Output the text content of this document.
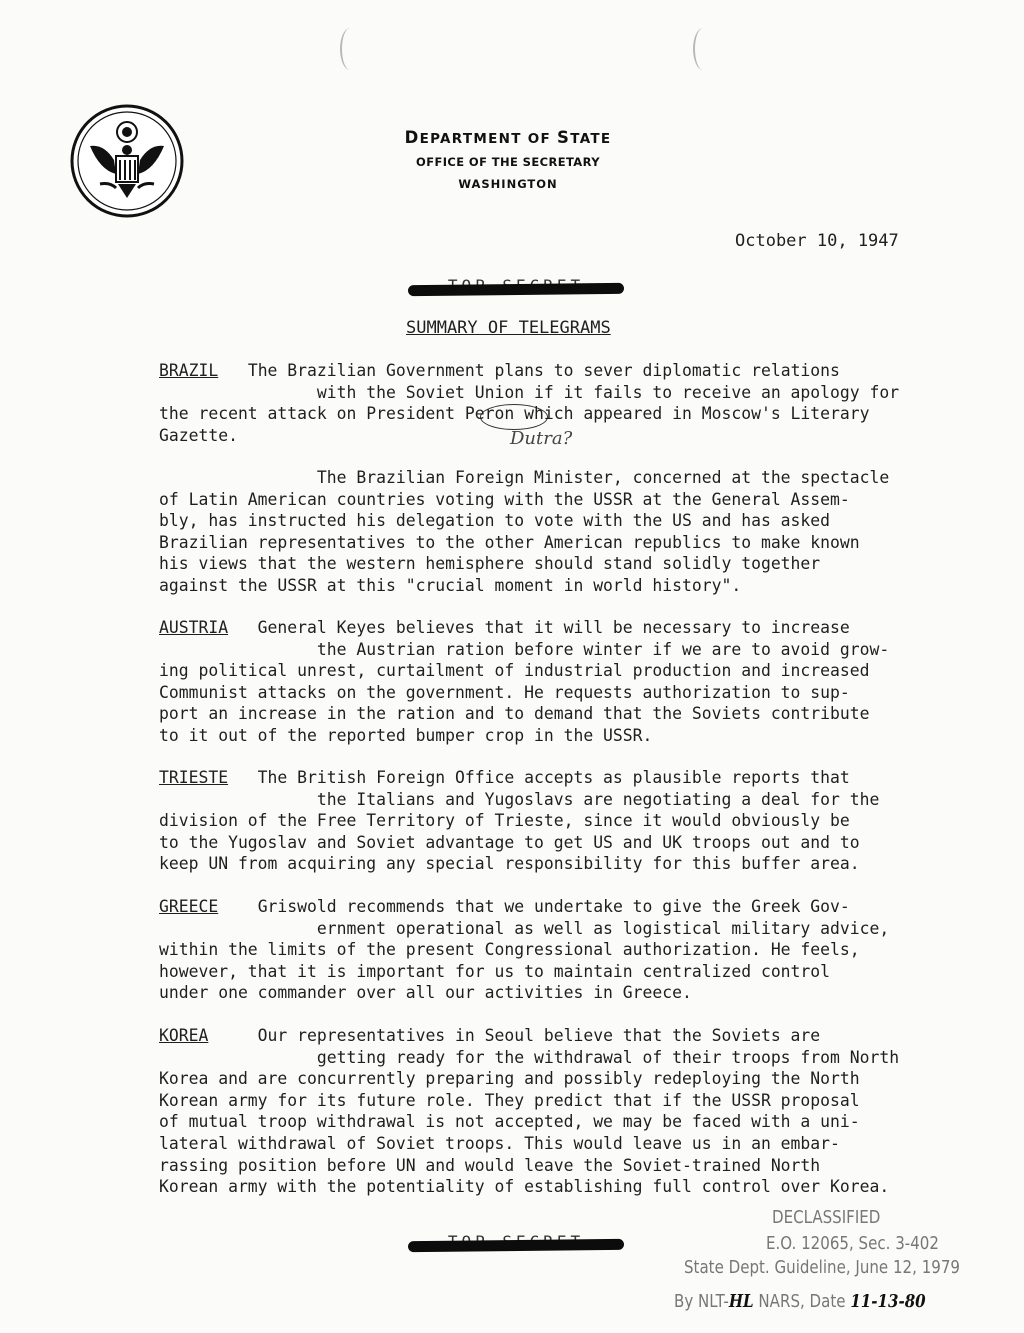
DEPARTMENT OF STATE
OFFICE OF THE SECRETARY
WASHINGTON
October 10, 1947
SUMMARY OF TELEGRAMS
Dutra?
BRAZIL   The Brazilian Government plans to sever diplomatic relations
with the Soviet Union if it fails to receive an apology for
the recent attack on President Peron which appeared in Moscow's Literary
Gazette.
The Brazilian Foreign Minister, concerned at the spectacle
of Latin American countries voting with the USSR at the General Assem-
bly, has instructed his delegation to vote with the US and has asked
Brazilian representatives to the other American republics to make known
his views that the western hemisphere should stand solidly together
against the USSR at this "crucial moment in world history".
AUSTRIA   General Keyes believes that it will be necessary to increase
the Austrian ration before winter if we are to avoid grow-
ing political unrest, curtailment of industrial production and increased
Communist attacks on the government. He requests authorization to sup-
port an increase in the ration and to demand that the Soviets contribute
to it out of the reported bumper crop in the USSR.
TRIESTE   The British Foreign Office accepts as plausible reports that
the Italians and Yugoslavs are negotiating a deal for the
division of the Free Territory of Trieste, since it would obviously be
to the Yugoslav and Soviet advantage to get US and UK troops out and to
keep UN from acquiring any special responsibility for this buffer area.
GREECE    Griswold recommends that we undertake to give the Greek Gov-
ernment operational as well as logistical military advice,
within the limits of the present Congressional authorization. He feels,
however, that it is important for us to maintain centralized control
under one commander over all our activities in Greece.
KOREA     Our representatives in Seoul believe that the Soviets are
getting ready for the withdrawal of their troops from North
Korea and are concurrently preparing and possibly redeploying the North
Korean army for its future role. They predict that if the USSR proposal
of mutual troop withdrawal is not accepted, we may be faced with a uni-
lateral withdrawal of Soviet troops. This would leave us in an embar-
rassing position before UN and would leave the Soviet-trained North
Korean army with the potentiality of establishing full control over Korea.
DECLASSIFIED
E.O. 12065, Sec. 3-402
State Dept. Guideline, June 12, 1979
By NLT-HL NARS, Date 11-13-80
